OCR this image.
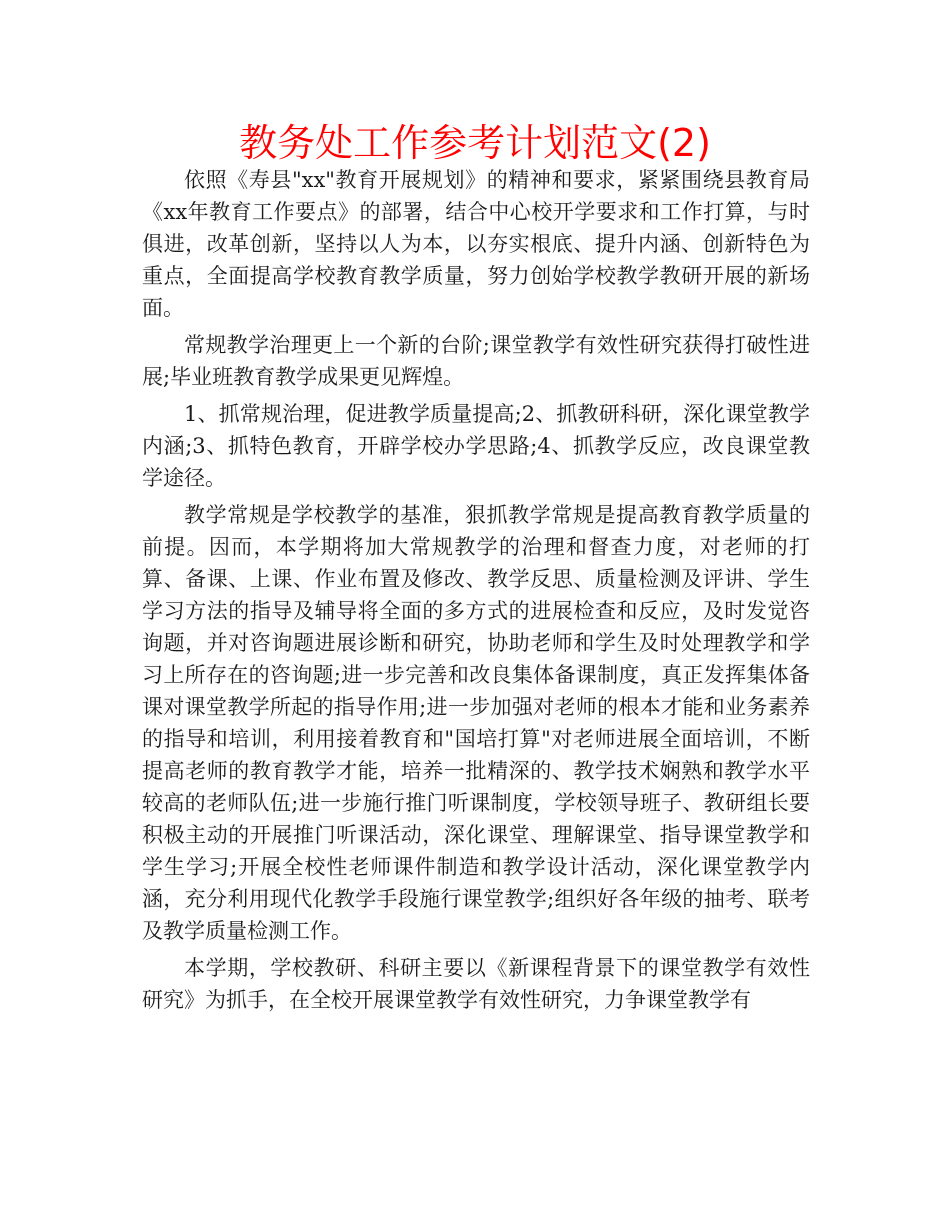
教务处工作参考计划范文(2)

依照《寿县"xx"教育开展规划》的精神和要求，紧紧围绕县教育局《xx年教育工作要点》的部署，结合中心校开学要求和工作打算，与时俱进，改革创新，坚持以人为本，以夯实根底、提升内涵、创新特色为重点，全面提高学校教育教学质量，努力创始学校教学教研开展的新场面。

常规教学治理更上一个新的台阶;课堂教学有效性研究获得打破性进展;毕业班教育教学成果更见辉煌。

1、抓常规治理，促进教学质量提高;2、抓教研科研，深化课堂教学内涵;3、抓特色教育，开辟学校办学思路;4、抓教学反应，改良课堂教学途径。

教学常规是学校教学的基准，狠抓教学常规是提高教育教学质量的前提。因而，本学期将加大常规教学的治理和督查力度，对老师的打算、备课、上课、作业布置及修改、教学反思、质量检测及评讲、学生学习方法的指导及辅导将全面的多方式的进展检查和反应，及时发觉咨询题，并对咨询题进展诊断和研究，协助老师和学生及时处理教学和学习上所存在的咨询题;进一步完善和改良集体备课制度，真正发挥集体备课对课堂教学所起的指导作用;进一步加强对老师的根本才能和业务素养的指导和培训，利用接着教育和"国培打算"对老师进展全面培训，不断提高老师的教育教学才能，培养一批精深的、教学技术娴熟和教学水平较高的老师队伍;进一步施行推门听课制度，学校领导班子、教研组长要积极主动的开展推门听课活动，深化课堂、理解课堂、指导课堂教学和学生学习;开展全校性老师课件制造和教学设计活动，深化课堂教学内涵，充分利用现代化教学手段施行课堂教学;组织好各年级的抽考、联考及教学质量检测工作。

本学期，学校教研、科研主要以《新课程背景下的课堂教学有效性研究》为抓手，在全校开展课堂教学有效性研究，力争课堂教学有
